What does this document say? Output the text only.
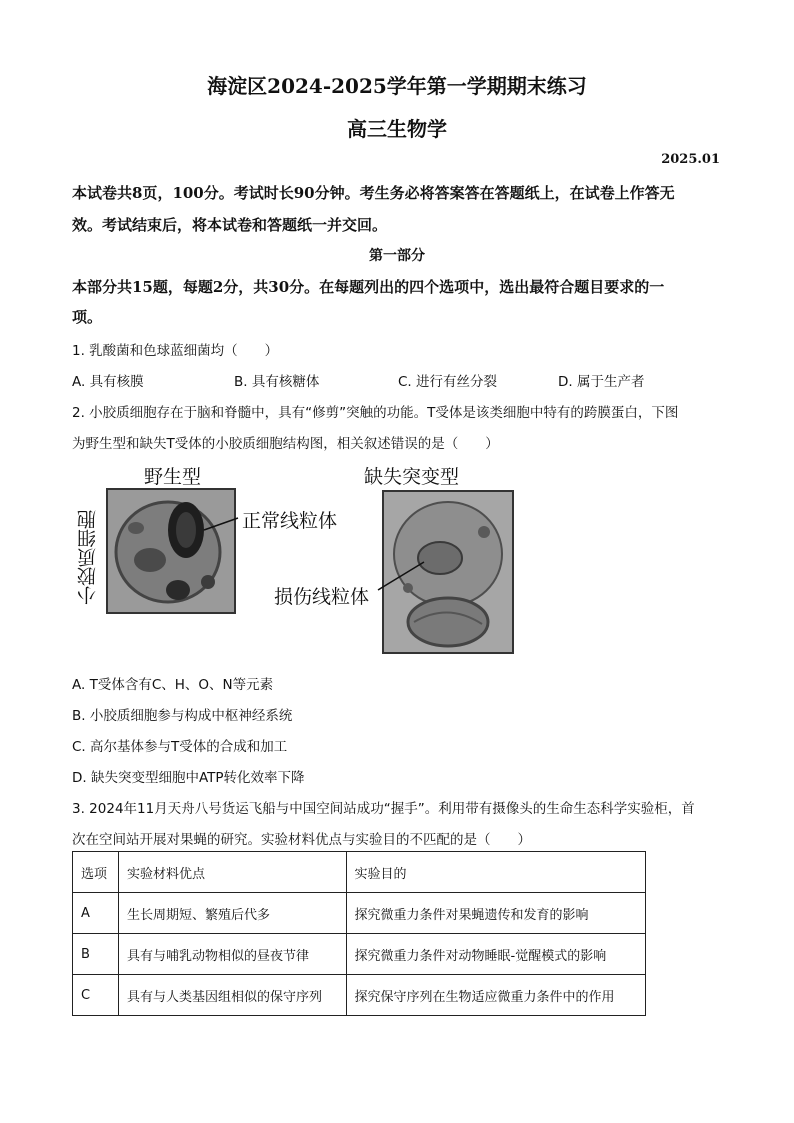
海淀区2024-2025学年第一学期期末练习
高三生物学
2025.01
本试卷共8页，100分。考试时长90分钟。考生务必将答案答在答题纸上，在试卷上作答无
效。考试结束后，将本试卷和答题纸一并交回。
第一部分
本部分共15题，每题2分，共30分。在每题列出的四个选项中，选出最符合题目要求的一
项。
1. 乳酸菌和色球蓝细菌均（　　）
A. 具有核膜	B. 具有核糖体	C. 进行有丝分裂	D. 属于生产者
2. 小胶质细胞存在于脑和脊髓中，具有“修剪”突触的功能。T受体是该类细胞中特有的跨膜蛋白，下图
为野生型和缺失T受体的小胶质细胞结构图，相关叙述错误的是（　　）
野生型	缺失突变型
小胶质细胞	正常线粒体
损伤线粒体
A. T受体含有C、H、O、N等元素
B. 小胶质细胞参与构成中枢神经系统
C. 高尔基体参与T受体的合成和加工
D. 缺失突变型细胞中ATP转化效率下降
3. 2024年11月天舟八号货运飞船与中国空间站成功“握手”。利用带有摄像头的生命生态科学实验柜，首
次在空间站开展对果蝇的研究。实验材料优点与实验目的不匹配的是（　　）
选项	实验材料优点	实验目的
A	生长周期短、繁殖后代多	探究微重力条件对果蝇遗传和发育的影响
B	具有与哺乳动物相似的昼夜节律	探究微重力条件对动物睡眠-觉醒模式的影响
C	具有与人类基因组相似的保守序列	探究保守序列在生物适应微重力条件中的作用
